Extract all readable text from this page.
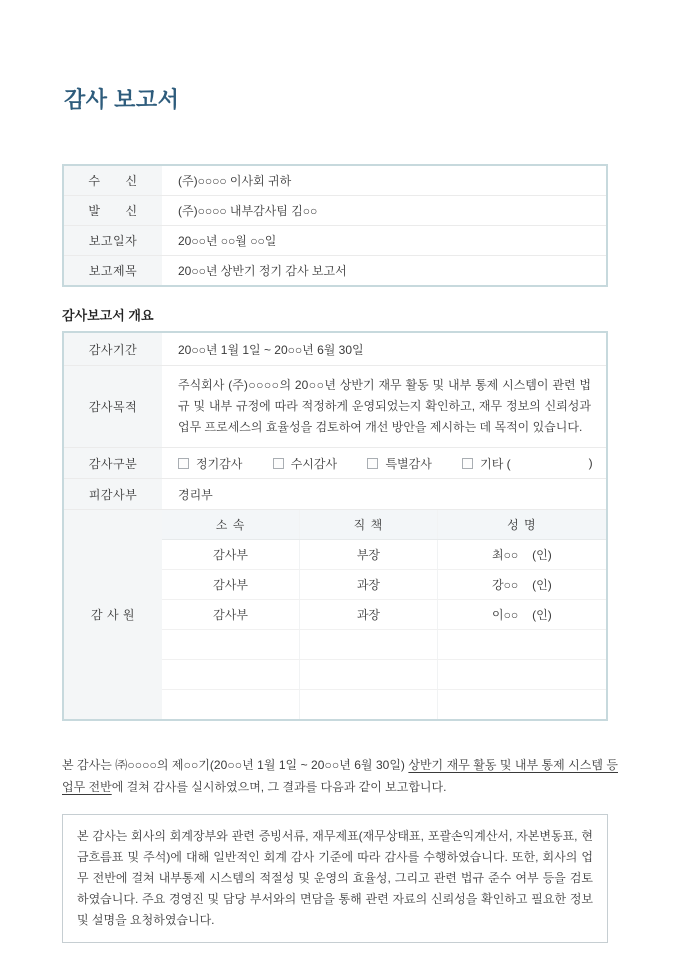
감사 보고서
수　　신	(주)○○○○ 이사회 귀하
발　　신	(주)○○○○ 내부감사팀 김○○
보고일자	20○○년 ○○월 ○○일
보고제목	20○○년 상반기 정기 감사 보고서
감사보고서 개요
감사기간	20○○년 1월 1일 ~ 20○○년 6월 30일
감사목적	주식회사 (주)○○○○의 20○○년 상반기 재무 활동 및 내부 통제 시스템이 관련 법규 및 내부 규정에 따라 적정하게 운영되었는지 확인하고, 재무 정보의 신뢰성과 업무 프로세스의 효율성을 검토하여 개선 방안을 제시하는 데 목적이 있습니다.
감사구분	정기감사
	수시감사
	특별감사
	기타 (	)

피감사부	경리부
감 사 원	
소 속	직 책	성 명
감사부	부장	최○○ (인)
감사부	과장	강○○ (인)
감사부	과장	이○○ (인)

본 감사는 ㈜○○○○의 제○○기(20○○년 1월 1일 ~ 20○○년 6월 30일) 상반기 재무 활동 및 내부 통제 시스템 등 업무 전반에 걸쳐 감사를 실시하였으며, 그 결과를 다음과 같이 보고합니다.

본 감사는 회사의 회계장부와 관련 증빙서류, 재무제표(재무상태표, 포괄손익계산서, 자본변동표, 현금흐름표 및 주석)에 대해 일반적인 회계 감사 기준에 따라 감사를 수행하였습니다. 또한, 회사의 업무 전반에 걸쳐 내부통제 시스템의 적절성 및 운영의 효율성, 그리고 관련 법규 준수 여부 등을 검토하였습니다. 주요 경영진 및 담당 부서와의 면담을 통해 관련 자료의 신뢰성을 확인하고 필요한 정보 및 설명을 요청하였습니다.
